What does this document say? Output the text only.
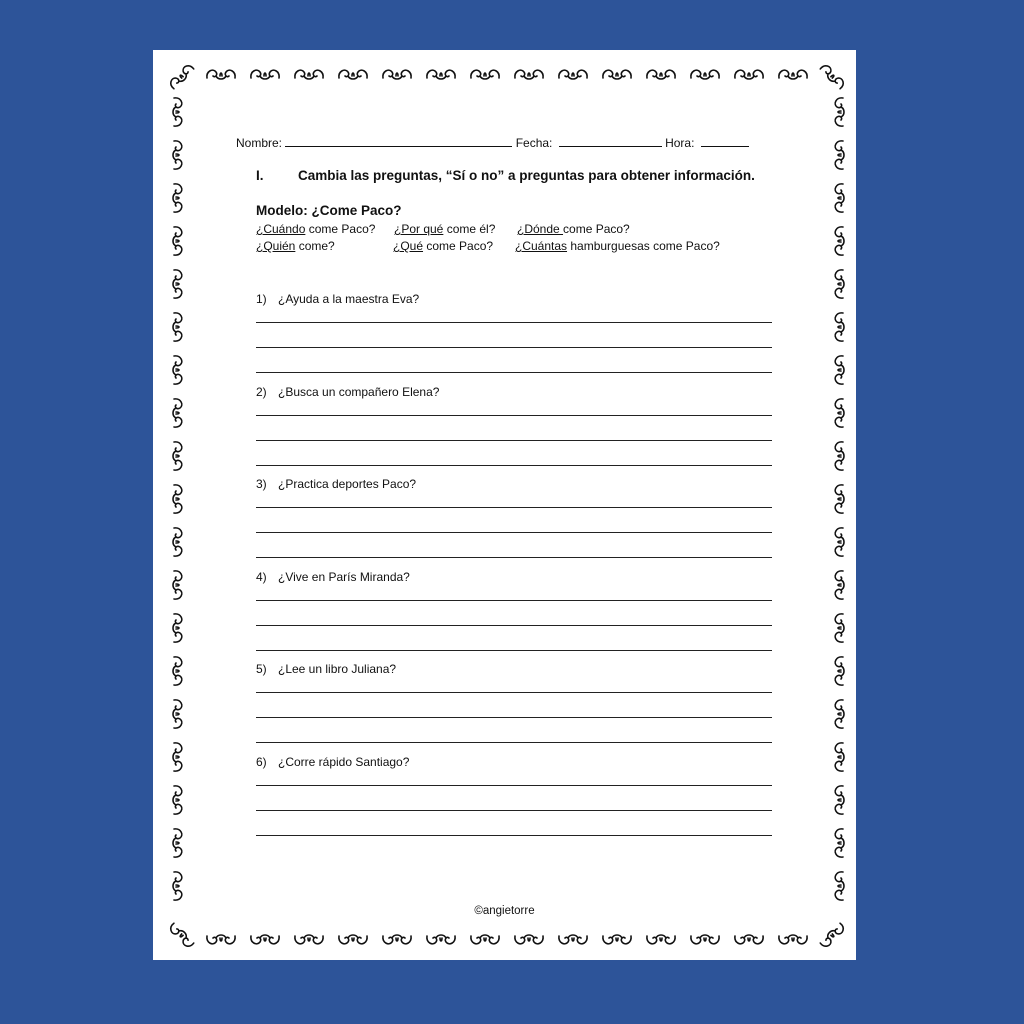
Nombre:	Fecha:	Hora:
I.	Cambia las preguntas, “Sí o no” a preguntas para obtener información.
Modelo: ¿Come Paco?
¿Cuándo come Paco? ¿Por qué come él? ¿Dónde come Paco?
¿Quién come?	¿Qué come Paco? ¿Cuántas hamburguesas come Paco?
1) ¿Ayuda a la maestra Eva?
2) ¿Busca un compañero Elena?
3) ¿Practica deportes Paco?
4) ¿Vive en París Miranda?
5) ¿Lee un libro Juliana?
6) ¿Corre rápido Santiago?
©angietorre
